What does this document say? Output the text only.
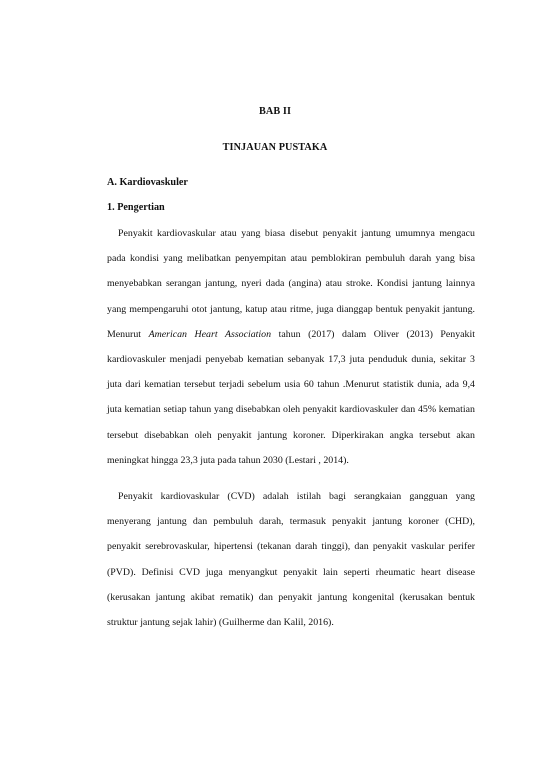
BAB II
TINJAUAN PUSTAKA
A. Kardiovaskuler
1. Pengertian

Penyakit kardiovaskular atau yang biasa disebut penyakit jantung umumnya mengacu pada kondisi yang melibatkan penyempitan atau pemblokiran pembuluh darah yang bisa menyebabkan serangan jantung, nyeri dada (angina) atau stroke. Kondisi jantung lainnya yang mempengaruhi otot jantung, katup atau ritme, juga dianggap bentuk penyakit jantung. Menurut American Heart Association tahun (2017) dalam Oliver (2013) Penyakit kardiovaskuler menjadi penyebab kematian sebanyak 17,3 juta penduduk dunia, sekitar 3 juta dari kematian tersebut terjadi sebelum usia 60 tahun .Menurut statistik dunia, ada 9,4 juta kematian setiap tahun yang disebabkan oleh penyakit kardiovaskuler dan 45% kematian tersebut disebabkan oleh penyakit jantung koroner. Diperkirakan angka tersebut akan meningkat hingga 23,3 juta pada tahun 2030 (Lestari , 2014).

Penyakit kardiovaskular (CVD) adalah istilah bagi serangkaian gangguan yang menyerang jantung dan pembuluh darah, termasuk penyakit jantung koroner (CHD), penyakit serebrovaskular, hipertensi (tekanan darah tinggi), dan penyakit vaskular perifer (PVD). Definisi CVD juga menyangkut penyakit lain seperti rheumatic heart disease (kerusakan jantung akibat rematik) dan penyakit jantung kongenital (kerusakan bentuk struktur jantung sejak lahir) (Guilherme dan Kalil, 2016).
